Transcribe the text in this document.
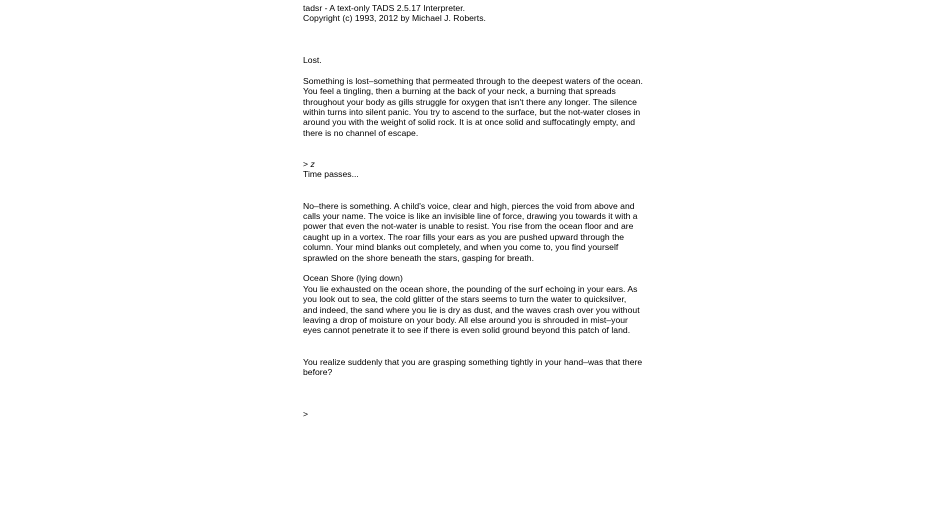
tadsr - A text-only TADS 2.5.17 Interpreter.
Copyright (c) 1993, 2012 by Michael J. Roberts.
Lost.
Something is lost–something that permeated through to the deepest waters of the ocean. You feel a tingling, then a burning at the back of your neck, a burning that spreads throughout your body as gills struggle for oxygen that isn't there any longer. The silence within turns into silent panic. You try to ascend to the surface, but the not-water closes in around you with the weight of solid rock. It is at once solid and suffocatingly empty, and there is no channel of escape.
> z
Time passes...
No–there is something. A child's voice, clear and high, pierces the void from above and calls your name. The voice is like an invisible line of force, drawing you towards it with a power that even the not-water is unable to resist. You rise from the ocean floor and are caught up in a vortex. The roar fills your ears as you are pushed upward through the column. Your mind blanks out completely, and when you come to, you find yourself sprawled on the shore beneath the stars, gasping for breath.
Ocean Shore (lying down)
You lie exhausted on the ocean shore, the pounding of the surf echoing in your ears. As you look out to sea, the cold glitter of the stars seems to turn the water to quicksilver, and indeed, the sand where you lie is dry as dust, and the waves crash over you without leaving a drop of moisture on your body. All else around you is shrouded in mist–your eyes cannot penetrate it to see if there is even solid ground beyond this patch of land.
You realize suddenly that you are grasping something tightly in your hand–was that there before?
>
